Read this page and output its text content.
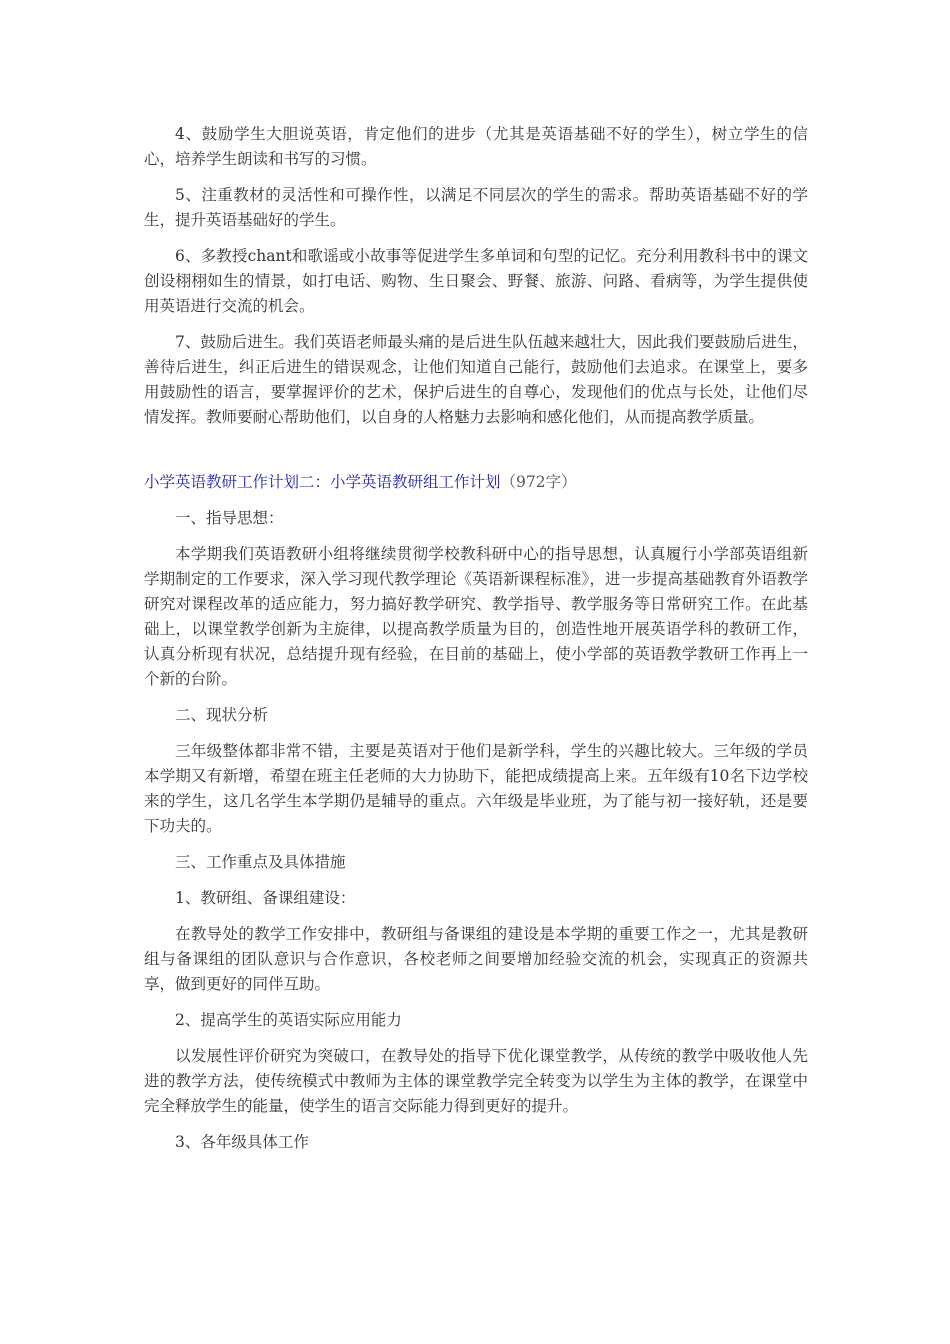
4、鼓励学生大胆说英语，肯定他们的进步（尤其是英语基础不好的学生），树立学生的信心，培养学生朗读和书写的习惯。

5、注重教材的灵活性和可操作性，以满足不同层次的学生的需求。帮助英语基础不好的学生，提升英语基础好的学生。

6、多教授chant和歌谣或小故事等促进学生多单词和句型的记忆。充分利用教科书中的课文创设栩栩如生的情景，如打电话、购物、生日聚会、野餐、旅游、问路、看病等，为学生提供使用英语进行交流的机会。

7、鼓励后进生。我们英语老师最头痛的是后进生队伍越来越壮大，因此我们要鼓励后进生，善待后进生，纠正后进生的错误观念，让他们知道自己能行，鼓励他们去追求。在课堂上，要多用鼓励性的语言，要掌握评价的艺术，保护后进生的自尊心，发现他们的优点与长处，让他们尽情发挥。教师要耐心帮助他们，以自身的人格魅力去影响和感化他们，从而提高教学质量。

小学英语教研工作计划二：小学英语教研组工作计划（972字）

一、指导思想：

本学期我们英语教研小组将继续贯彻学校教科研中心的指导思想，认真履行小学部英语组新学期制定的工作要求，深入学习现代教学理论《英语新课程标准》，进一步提高基础教育外语教学研究对课程改革的适应能力，努力搞好教学研究、教学指导、教学服务等日常研究工作。在此基础上，以课堂教学创新为主旋律，以提高教学质量为目的，创造性地开展英语学科的教研工作，认真分析现有状况，总结提升现有经验，在目前的基础上，使小学部的英语教学教研工作再上一个新的台阶。

二、现状分析

三年级整体都非常不错，主要是英语对于他们是新学科，学生的兴趣比较大。三年级的学员本学期又有新增，希望在班主任老师的大力协助下，能把成绩提高上来。五年级有10名下边学校来的学生，这几名学生本学期仍是辅导的重点。六年级是毕业班，为了能与初一接好轨，还是要下功夫的。

三、工作重点及具体措施

1、教研组、备课组建设：

在教导处的教学工作安排中，教研组与备课组的建设是本学期的重要工作之一，尤其是教研组与备课组的团队意识与合作意识，各校老师之间要增加经验交流的机会，实现真正的资源共享，做到更好的同伴互助。

2、提高学生的英语实际应用能力

以发展性评价研究为突破口，在教导处的指导下优化课堂教学，从传统的教学中吸收他人先进的教学方法，使传统模式中教师为主体的课堂教学完全转变为以学生为主体的教学，在课堂中完全释放学生的能量，使学生的语言交际能力得到更好的提升。

3、各年级具体工作
